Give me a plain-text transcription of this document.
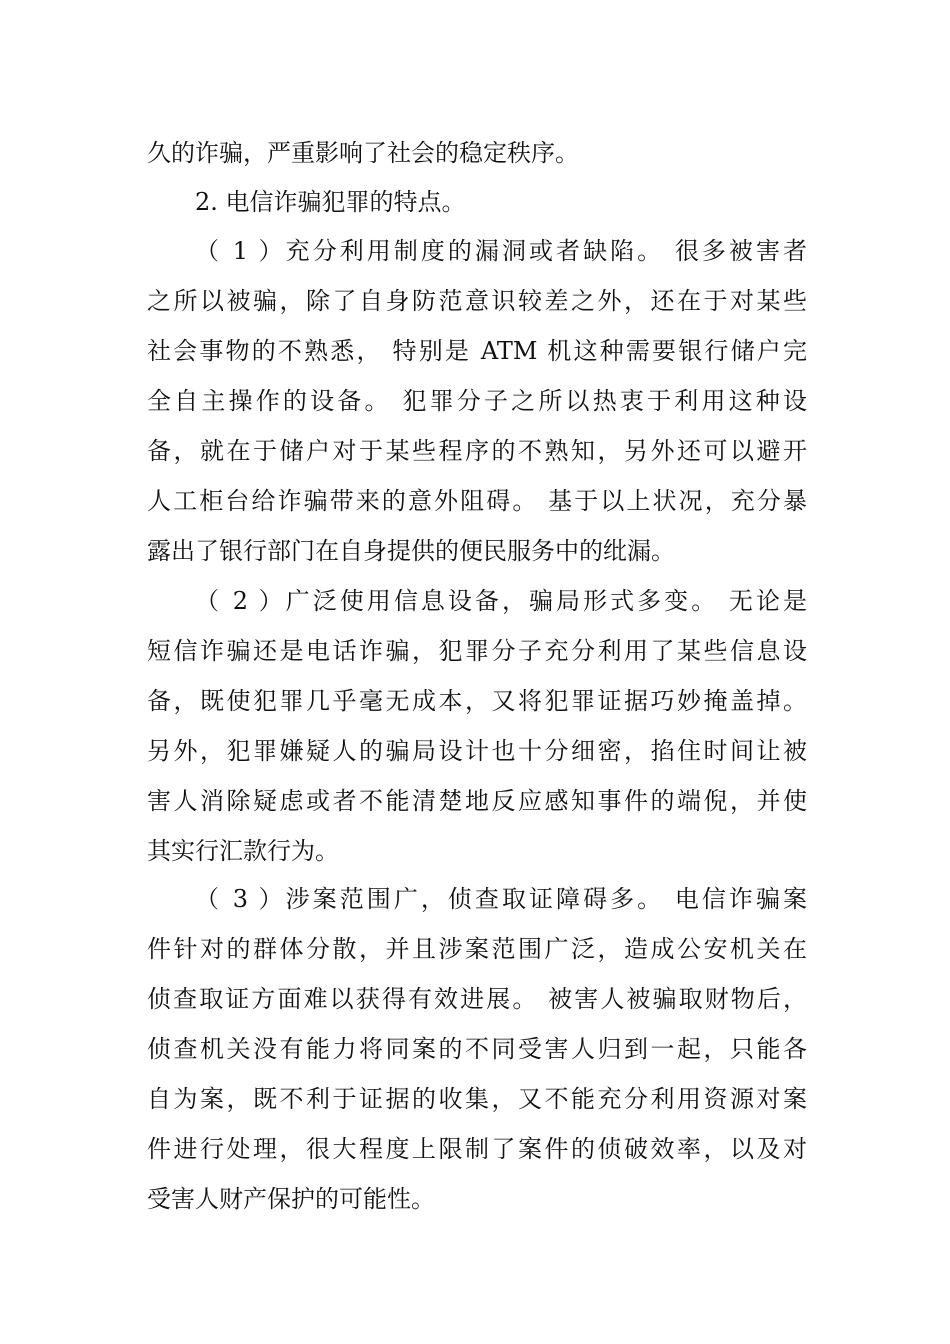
久的诈骗，严重影响了社会的稳定秩序。
2. 电信诈骗犯罪的特点。
（ 1 ）充分利用制度的漏洞或者缺陷。 很多被害者
之所以被骗，除了自身防范意识较差之外，还在于对某些
社会事物的不熟悉， 特别是 ATM 机这种需要银行储户完
全自主操作的设备。 犯罪分子之所以热衷于利用这种设
备，就在于储户对于某些程序的不熟知，另外还可以避开
人工柜台给诈骗带来的意外阻碍。 基于以上状况，充分暴
露出了银行部门在自身提供的便民服务中的纰漏。
（ 2 ）广泛使用信息设备，骗局形式多变。 无论是
短信诈骗还是电话诈骗，犯罪分子充分利用了某些信息设
备，既使犯罪几乎毫无成本，又将犯罪证据巧妙掩盖掉。
另外，犯罪嫌疑人的骗局设计也十分细密，掐住时间让被
害人消除疑虑或者不能清楚地反应感知事件的端倪，并使
其实行汇款行为。
（ 3 ）涉案范围广，侦查取证障碍多。 电信诈骗案
件针对的群体分散，并且涉案范围广泛，造成公安机关在
侦查取证方面难以获得有效进展。 被害人被骗取财物后，
侦查机关没有能力将同案的不同受害人归到一起，只能各
自为案，既不利于证据的收集，又不能充分利用资源对案
件进行处理，很大程度上限制了案件的侦破效率，以及对
受害人财产保护的可能性。
